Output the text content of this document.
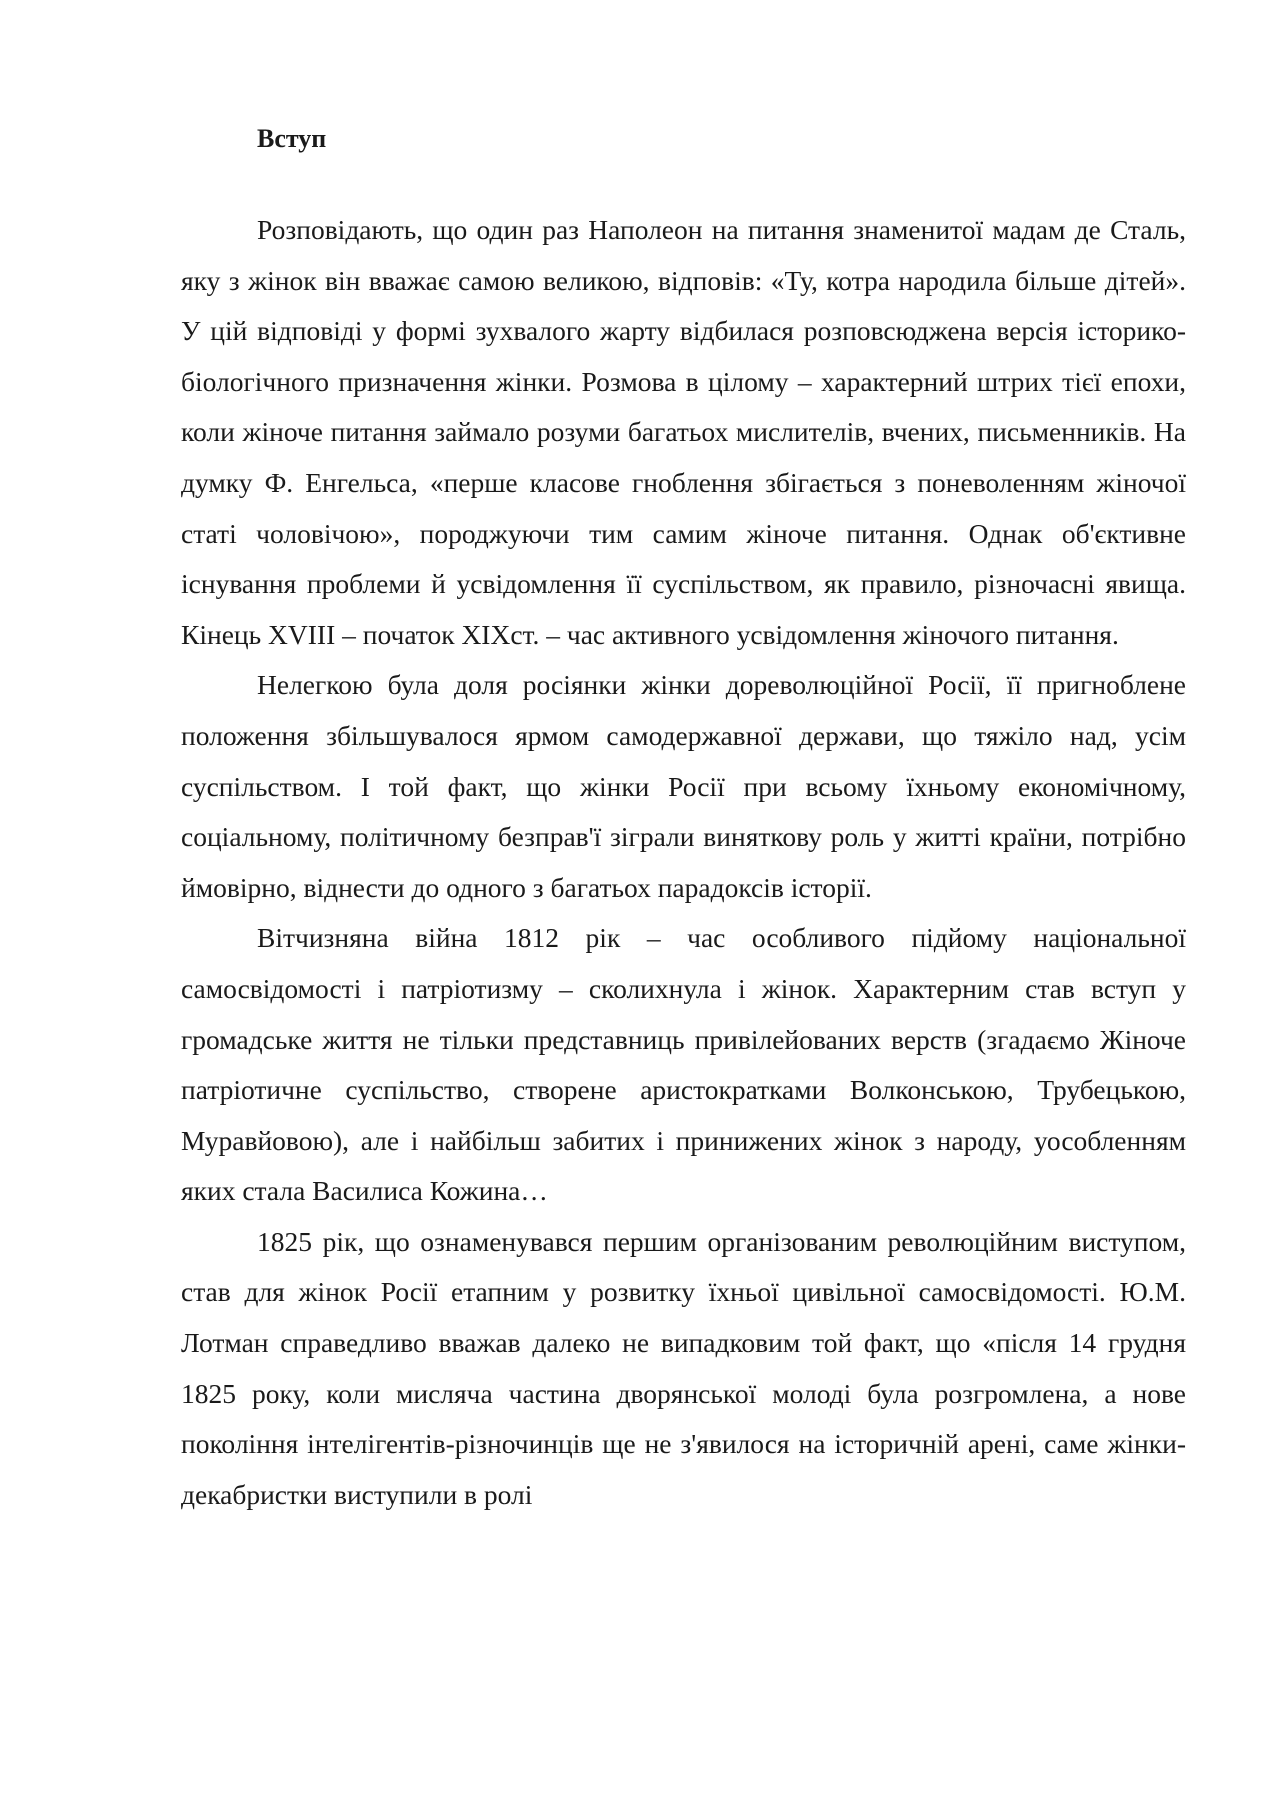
Вступ

Розповідають, що один раз Наполеон на питання знаменитої мадам де Сталь, яку з жінок він вважає самою великою, відповів: «Ту, котра народила більше дітей». У цій відповіді у формі зухвалого жарту відбилася розповсюджена версія історико-біологічного призначення жінки. Розмова в цілому – характерний штрих тієї епохи, коли жіноче питання займало розуми багатьох мислителів, вчених, письменників. На думку Ф. Енгельса, «перше класове гноблення збігається з поневоленням жіночої статі чоловічою», породжуючи тим самим жіноче питання. Однак об'єктивне існування проблеми й усвідомлення її суспільством, як правило, різночасні явища. Кінець XVIII – початок XIXст. – час активного усвідомлення жіночого питання.

Нелегкою була доля росіянки жінки дореволюційної Росії, її пригноблене положення збільшувалося ярмом самодержавної держави, що тяжіло над, усім суспільством. І той факт, що жінки Росії при всьому їхньому економічному, соціальному, політичному безправ'ї зіграли виняткову роль у житті країни, потрібно ймовірно, віднести до одного з багатьох парадоксів історії.

Вітчизняна війна 1812 рік – час особливого підйому національної самосвідомості і патріотизму – сколихнула і жінок. Характерним став вступ у громадське життя не тільки представниць привілейованих верств (згадаємо Жіноче патріотичне суспільство, створене аристократками Волконською, Трубецькою, Муравйовою), але і найбільш забитих і принижених жінок з народу, уособленням яких стала Василиса Кожина…

1825 рік, що ознаменувався першим організованим революційним виступом, став для жінок Росії етапним у розвитку їхньої цивільної самосвідомості. Ю.М. Лотман справедливо вважав далеко не випадковим той факт, що «після 14 грудня 1825 року, коли мисляча частина дворянської молоді була розгромлена, а нове покоління інтелігентів-різночинців ще не з'явилося на історичній арені, саме жінки-декабристки виступили в ролі
